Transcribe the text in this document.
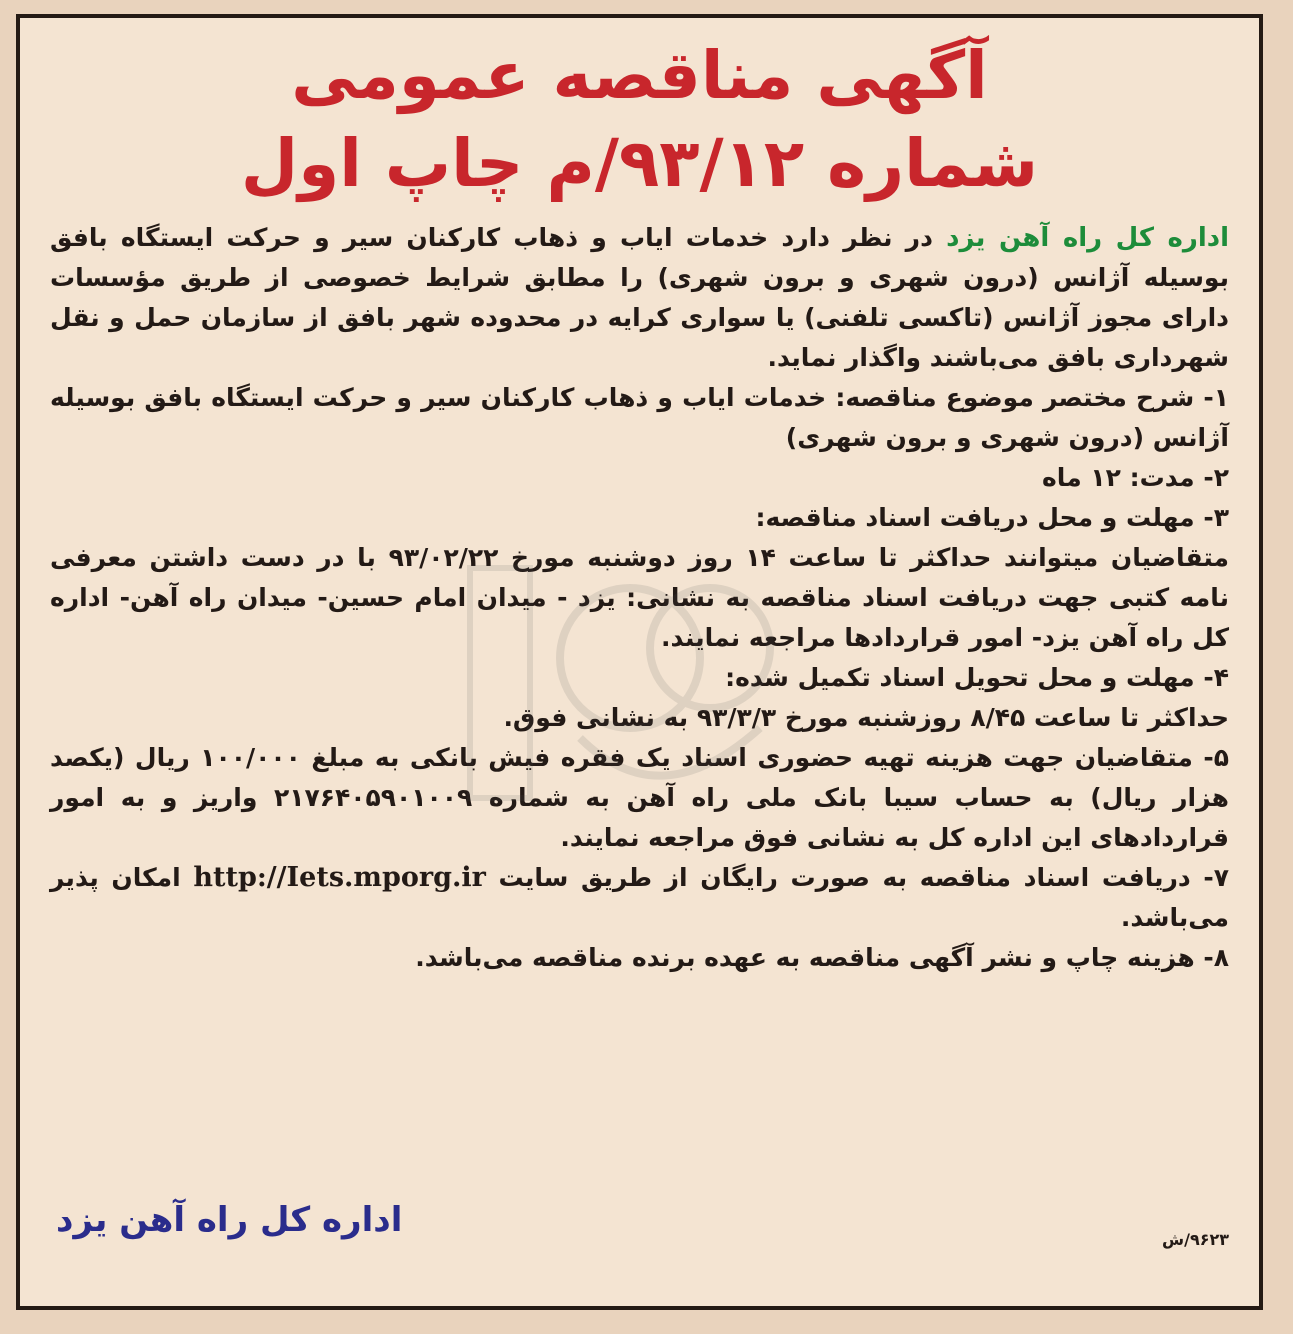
آگهی مناقصه عمومی
شماره ۹۳/۱۲/م چاپ اول

اداره کل راه آهن یزد در نظر دارد خدمات ایاب و ذهاب کارکنان سیر و حرکت ایستگاه بافق بوسیله آژانس (درون شهری و برون شهری) را مطابق شرایط خصوصی از طریق مؤسسات دارای مجوز آژانس (تاکسی تلفنی) یا سواری کرایه در محدوده شهر بافق از سازمان حمل و نقل شهرداری بافق می‌باشند واگذار نماید.

۱- شرح مختصر موضوع مناقصه: خدمات ایاب و ذهاب کارکنان سیر و حرکت ایستگاه بافق بوسیله آژانس (درون شهری و برون شهری)

۲- مدت: ۱۲ ماه

۳- مهلت و محل دریافت اسناد مناقصه:

متقاضیان میتوانند حداکثر تا ساعت ۱۴ روز دوشنبه مورخ ۹۳/۰۲/۲۲ با در دست داشتن معرفی نامه کتبی جهت دریافت اسناد مناقصه به نشانی: یزد - میدان امام حسین- میدان راه آهن- اداره کل راه آهن یزد- امور قراردادها مراجعه نمایند.

۴- مهلت و محل تحویل اسناد تکمیل شده:

حداکثر تا ساعت ۸/۴۵ روزشنبه مورخ ۹۳/۳/۳ به نشانی فوق.

۵- متقاضیان جهت هزینه تهیه حضوری اسناد یک فقره فیش بانکی به مبلغ ۱۰۰/۰۰۰ ریال (یکصد هزار ریال) به حساب سیبا بانک ملی راه آهن به شماره ۲۱۷۶۴۰۵۹۰۱۰۰۹ واریز و به امور قراردادهای این اداره کل به نشانی فوق مراجعه نمایند.

۷- دریافت اسناد مناقصه به صورت رایگان از طریق سایت http://Iets.mporg.ir امکان پذیر می‌باشد.

۸- هزینه چاپ و نشر آگهی مناقصه به عهده برنده مناقصه می‌باشد.

۹۶۲۳/ش
اداره کل راه آهن یزد
